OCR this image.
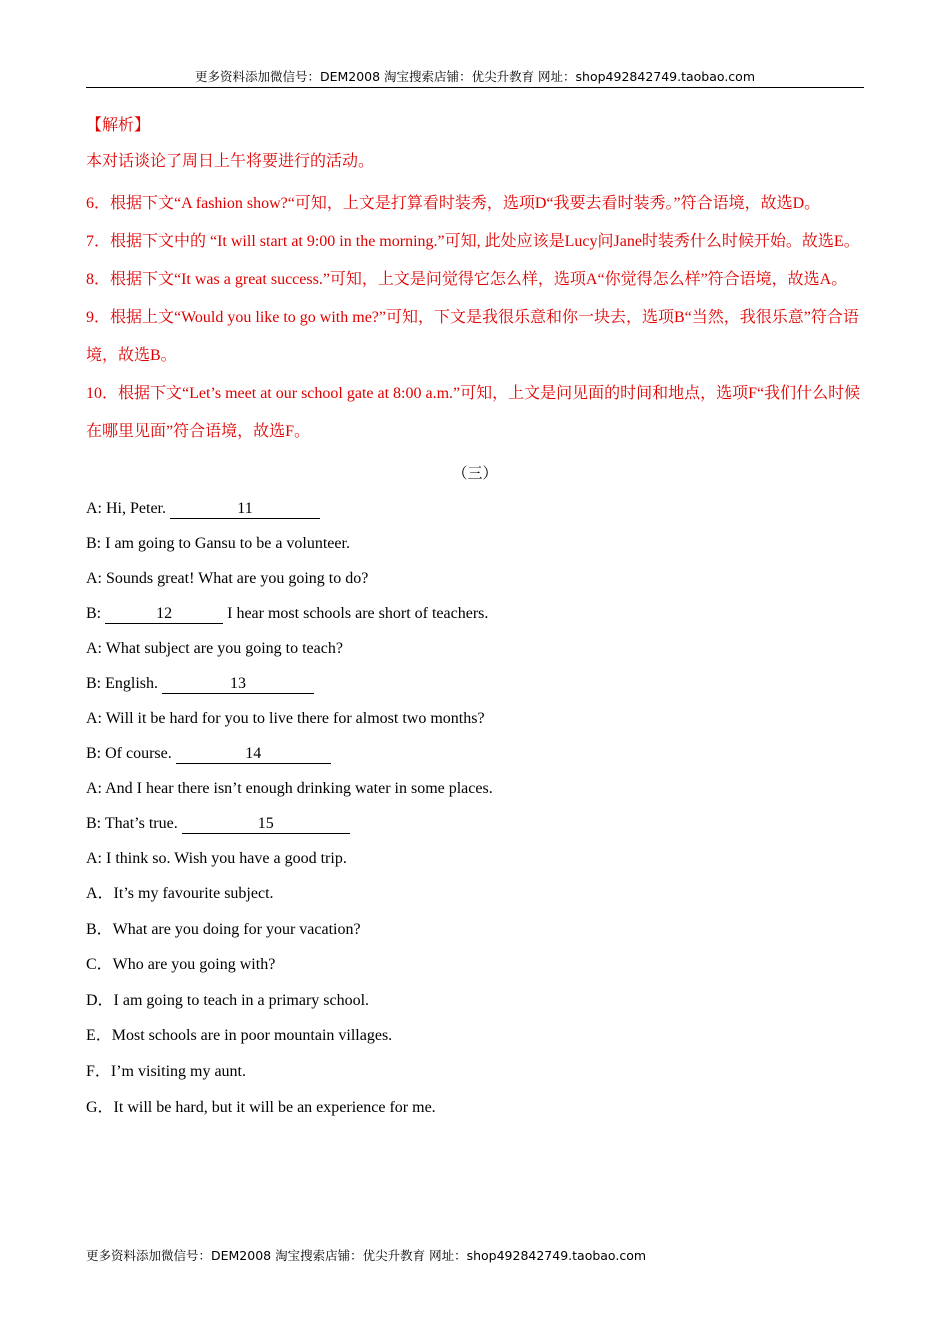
更多资料添加微信号：DEM2008 淘宝搜索店铺：优尖升教育 网址：shop492842749.taobao.com

【解析】

本对话谈论了周日上午将要进行的活动。

6．根据下文“A fashion show?“可知，上文是打算看时装秀，选项D“我要去看时装秀。”符合语境，故选D。

7．根据下文中的 “It will start at 9:00 in the morning.”可知, 此处应该是Lucy问Jane时装秀什么时候开始。故选E。

8．根据下文“It was a great success.”可知，上文是问觉得它怎么样，选项A“你觉得怎么样”符合语境，故选A。

9．根据上文“Would you like to go with me?”可知，下文是我很乐意和你一块去，选项B“当然，我很乐意”符合语境，故选B。

10．根据下文“Let’s meet at our school gate at 8:00 a.m.”可知，上文是问见面的时间和地点，选项F“我们什么时候在哪里见面”符合语境，故选F。

（三）

A: Hi, Peter.	11

B: I am going to Gansu to be a volunteer.

A: Sounds great! What are you going to do?

B:	12	I hear most schools are short of teachers.

A: What subject are you going to teach?

B: English.	13

A: Will it be hard for you to live there for almost two months?

B: Of course.	14

A: And I hear there isn’t enough drinking water in some places.

B: That’s true.	15

A: I think so. Wish you have a good trip.

A．It’s my favourite subject.

B．What are you doing for your vacation?

C．Who are you going with?

D．I am going to teach in a primary school.

E．Most schools are in poor mountain villages.

F．I’m visiting my aunt.

G．It will be hard, but it will be an experience for me.

更多资料添加微信号：DEM2008 淘宝搜索店铺：优尖升教育 网址：shop492842749.taobao.com
